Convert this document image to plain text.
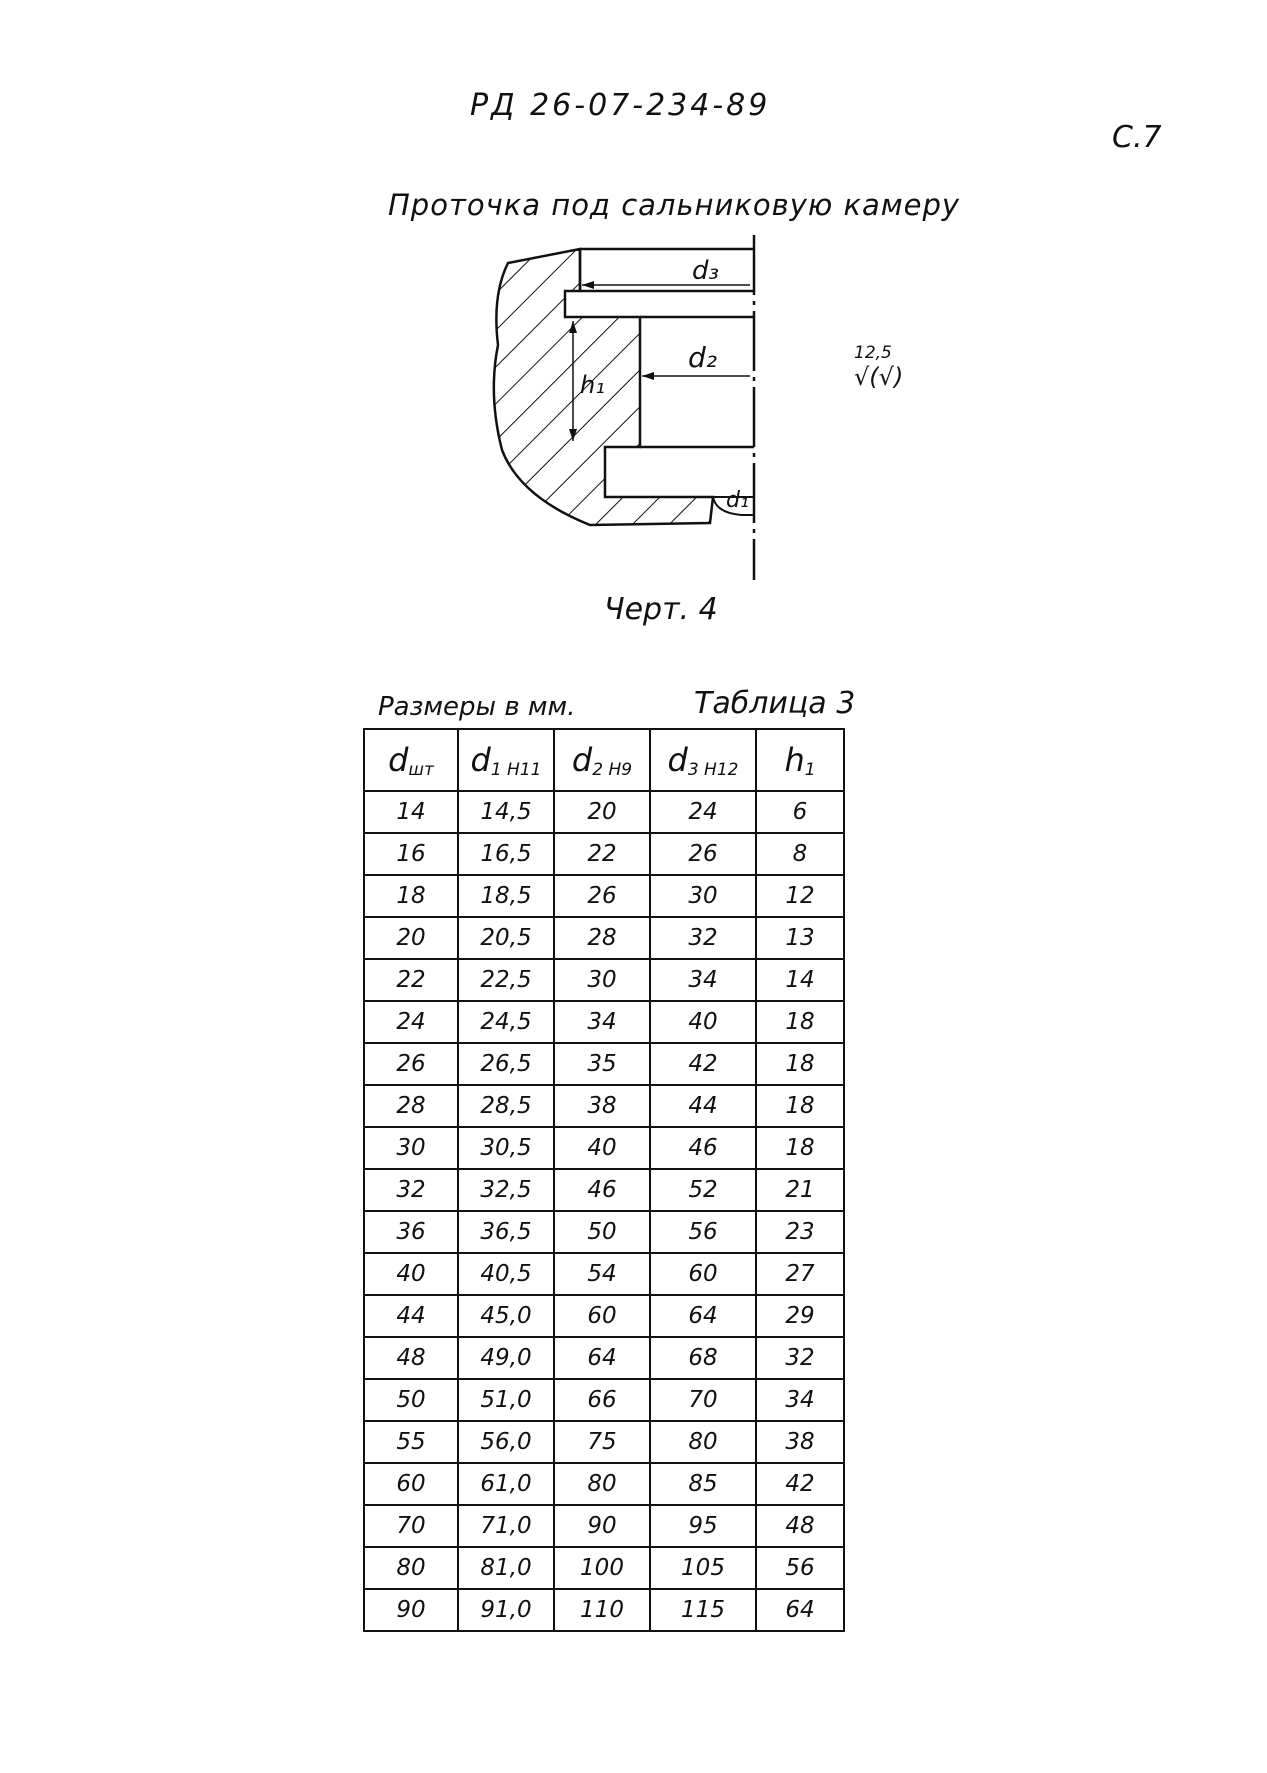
РД 26-07-234-89
С.7
Проточка под сальниковую камеру
d₃
d₂
h₁
d₁
12,5
√(√)
Черт. 4
Размеры в мм.	Таблица 3
$d_{шт}$	$d_{1 H11}$	$d_{2 H9}$	$d_{3 H12}$	$h_1$
14	14,5	20	24	6
16	16,5	22	26	8
18	18,5	26	30	12
20	20,5	28	32	13
22	22,5	30	34	14
24	24,5	34	40	18
26	26,5	35	42	18
28	28,5	38	44	18
30	30,5	40	46	18
32	32,5	46	52	21
36	36,5	50	56	23
40	40,5	54	60	27
44	45,0	60	64	29
48	49,0	64	68	32
50	51,0	66	70	34
55	56,0	75	80	38
60	61,0	80	85	42
70	71,0	90	95	48
80	81,0	100	105	56
90	91,0	110	115	64
